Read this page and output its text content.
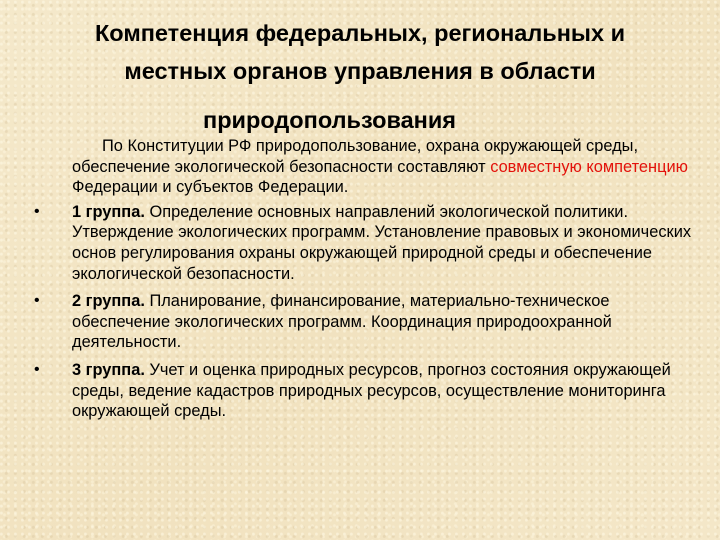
Компетенция федеральных, региональных и
местных органов управления в области
природопользования

По Конституции РФ природопользование, охрана окружающей среды, обеспечение экологической безопасности составляют совместную компетенцию Федерации и субъектов Федерации.

•	1 группа. Определение основных направлений экологической политики. Утверждение экологических программ. Установление правовых и экономических основ регулирования охраны окружающей природной среды и обеспечение экологической безопасности.
•	2 группа. Планирование, финансирование, материально-техническое обеспечение экологических программ. Координация природоохранной деятельности.
•	3 группа. Учет и оценка природных ресурсов, прогноз состояния окружающей среды, ведение кадастров природных ресурсов, осуществление мониторинга окружающей среды.
